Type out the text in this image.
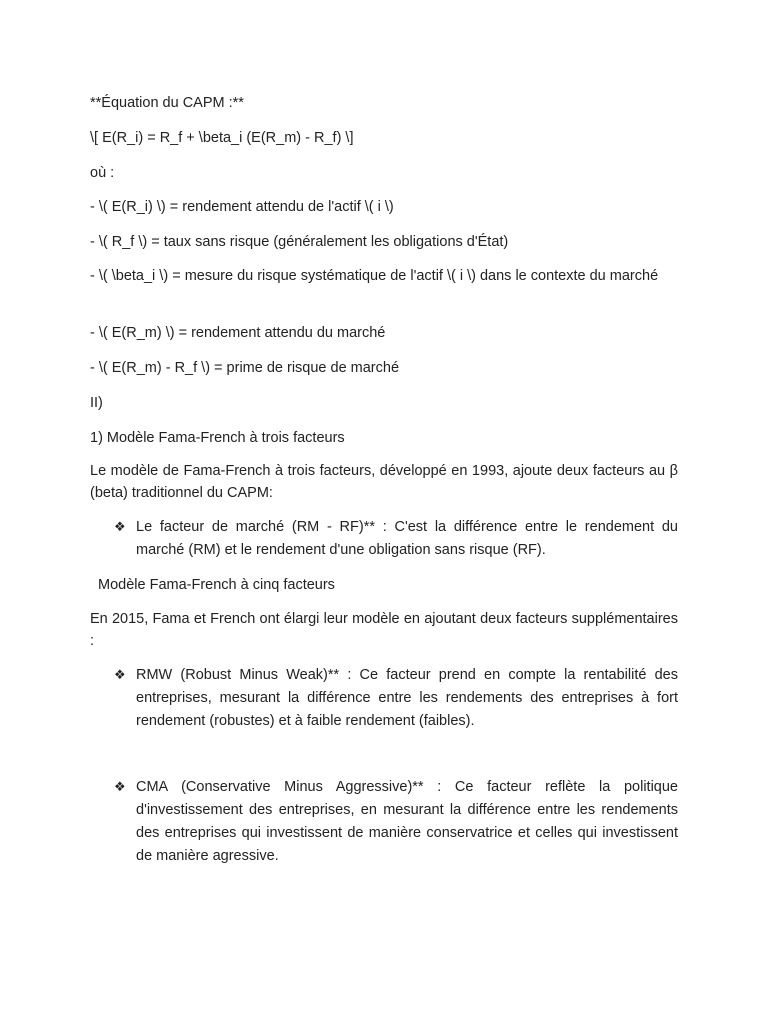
**Équation du CAPM :**

\[ E(R_i) = R_f + \beta_i (E(R_m) - R_f) \]

où :

- \( E(R_i) \) = rendement attendu de l'actif \( i \)

- \( R_f \) = taux sans risque (généralement les obligations d'État)

- \( \beta_i \) = mesure du risque systématique de l'actif \( i \) dans le contexte du marché

- \( E(R_m) \) = rendement attendu du marché

- \( E(R_m) - R_f \) = prime de risque de marché

II)

1) Modèle Fama-French à trois facteurs

Le modèle de Fama-French à trois facteurs, développé en 1993, ajoute deux facteurs au β (beta) traditionnel du CAPM:

❖ Le facteur de marché (RM - RF)** : C'est la différence entre le rendement du marché (RM) et le rendement d'une obligation sans risque (RF).

Modèle Fama-French à cinq facteurs

En 2015, Fama et French ont élargi leur modèle en ajoutant deux facteurs supplémentaires :

❖ RMW (Robust Minus Weak)** : Ce facteur prend en compte la rentabilité des entreprises, mesurant la différence entre les rendements des entreprises à fort rendement (robustes) et à faible rendement (faibles).
❖ CMA (Conservative Minus Aggressive)** : Ce facteur reflète la politique d'investissement des entreprises, en mesurant la différence entre les rendements des entreprises qui investissent de manière conservatrice et celles qui investissent de manière agressive.
